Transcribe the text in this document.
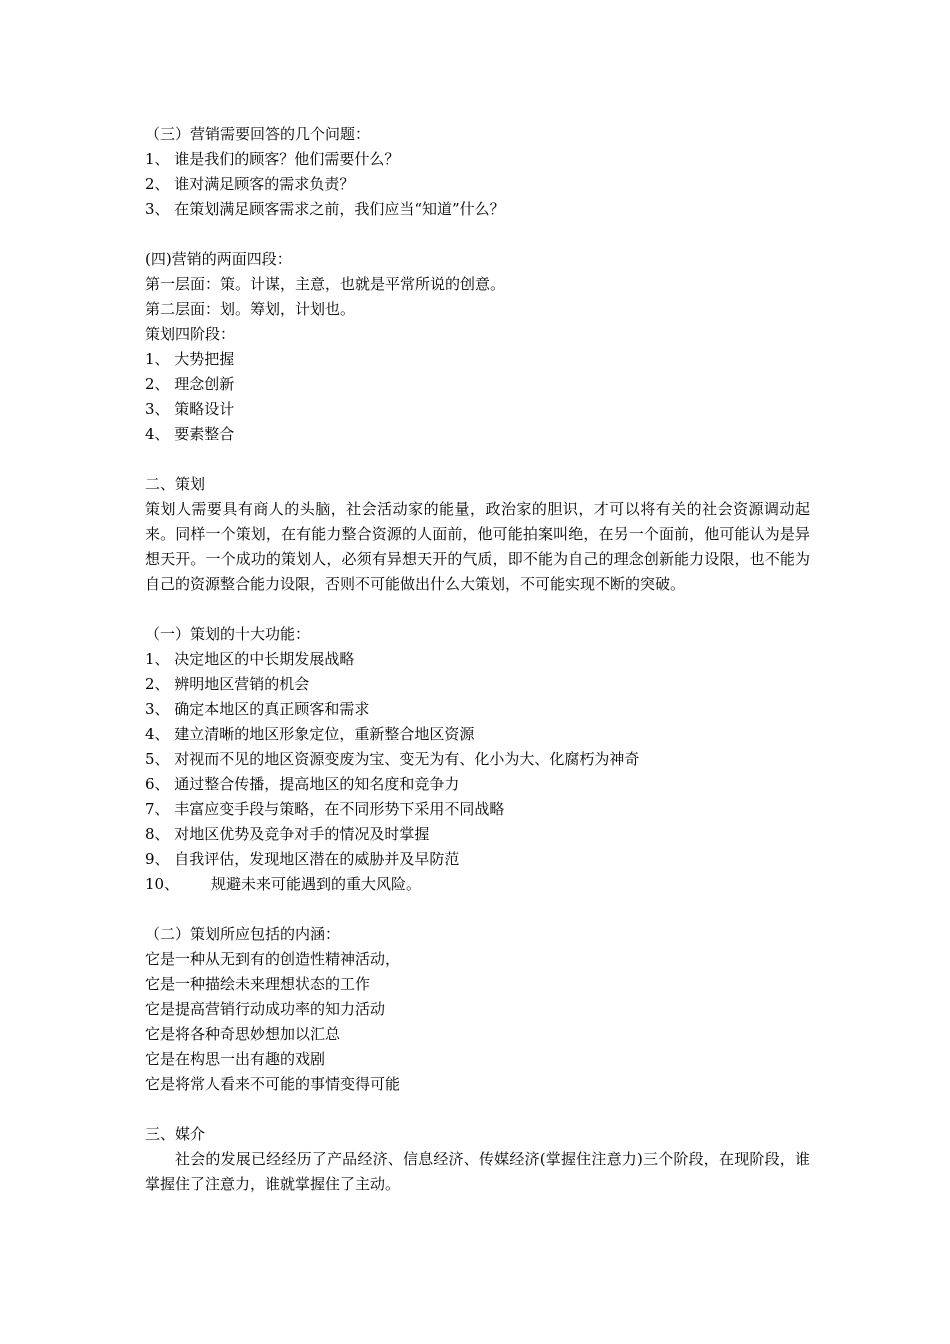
（三）营销需要回答的几个问题：
1、 谁是我们的顾客？他们需要什么？
2、 谁对满足顾客的需求负责？
3、 在策划满足顾客需求之前，我们应当“知道”什么？
(四)营销的两面四段：
第一层面：策。计谋，主意，也就是平常所说的创意。
第二层面：划。筹划，计划也。
策划四阶段：
1、 大势把握
2、 理念创新
3、 策略设计
4、 要素整合
二、策划
策划人需要具有商人的头脑，社会活动家的能量，政治家的胆识，才可以将有关的社会资源调动起来。同样一个策划，在有能力整合资源的人面前，他可能拍案叫绝，在另一个面前，他可能认为是异想天开。一个成功的策划人，必须有异想天开的气质，即不能为自己的理念创新能力设限，也不能为自己的资源整合能力设限，否则不可能做出什么大策划，不可能实现不断的突破。
（一）策划的十大功能：
1、 决定地区的中长期发展战略
2、 辨明地区营销的机会
3、 确定本地区的真正顾客和需求
4、 建立清晰的地区形象定位，重新整合地区资源
5、 对视而不见的地区资源变废为宝、变无为有、化小为大、化腐朽为神奇
6、 通过整合传播，提高地区的知名度和竞争力
7、 丰富应变手段与策略，在不同形势下采用不同战略
8、 对地区优势及竞争对手的情况及时掌握
9、 自我评估，发现地区潜在的威胁并及早防范
10、 规避未来可能遇到的重大风险。
（二）策划所应包括的内涵：
它是一种从无到有的创造性精神活动，
它是一种描绘未来理想状态的工作
它是提高营销行动成功率的知力活动
它是将各种奇思妙想加以汇总
它是在构思一出有趣的戏剧
它是将常人看来不可能的事情变得可能
三、媒介
社会的发展已经经历了产品经济、信息经济、传媒经济(掌握住注意力)三个阶段，在现阶段，谁掌握住了注意力，谁就掌握住了主动。
